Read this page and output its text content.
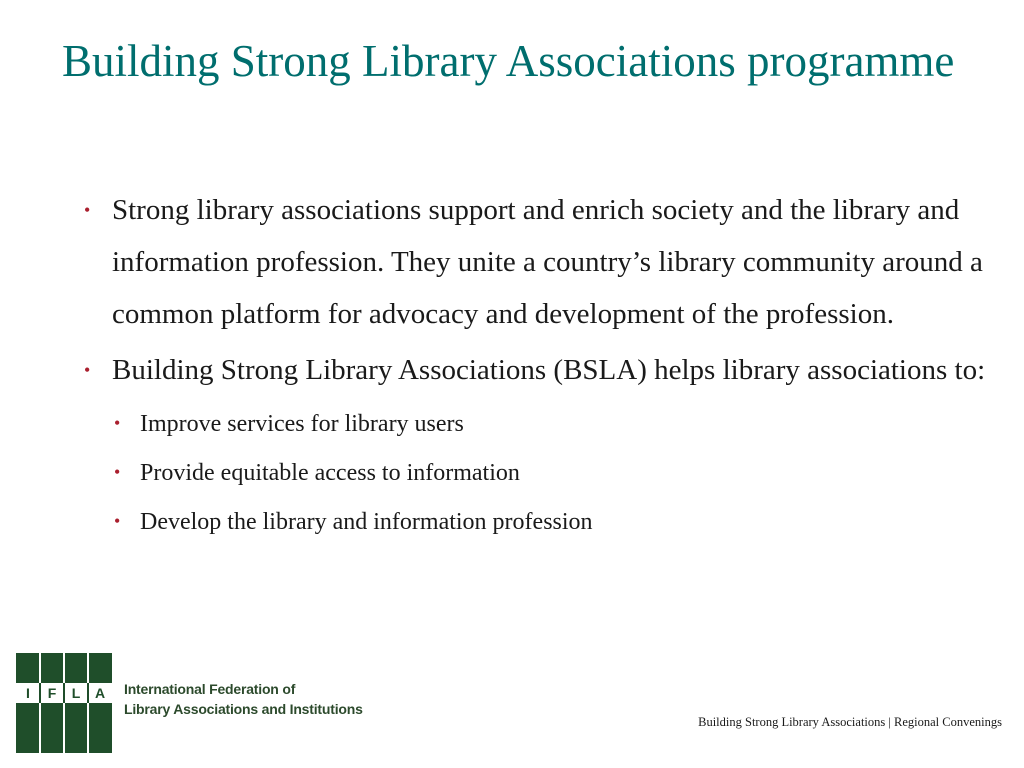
Building Strong Library Associations programme
• Strong library associations support and enrich society and the library and information profession. They unite a country’s library community around a common platform for advocacy and development of the profession.
• Building Strong Library Associations (BSLA) helps library associations to:
• Improve services for library users
• Provide equitable access to information
• Develop the library and information profession
I F L A International Federation of
Library Associations and Institutions
Building Strong Library Associations | Regional Convenings
